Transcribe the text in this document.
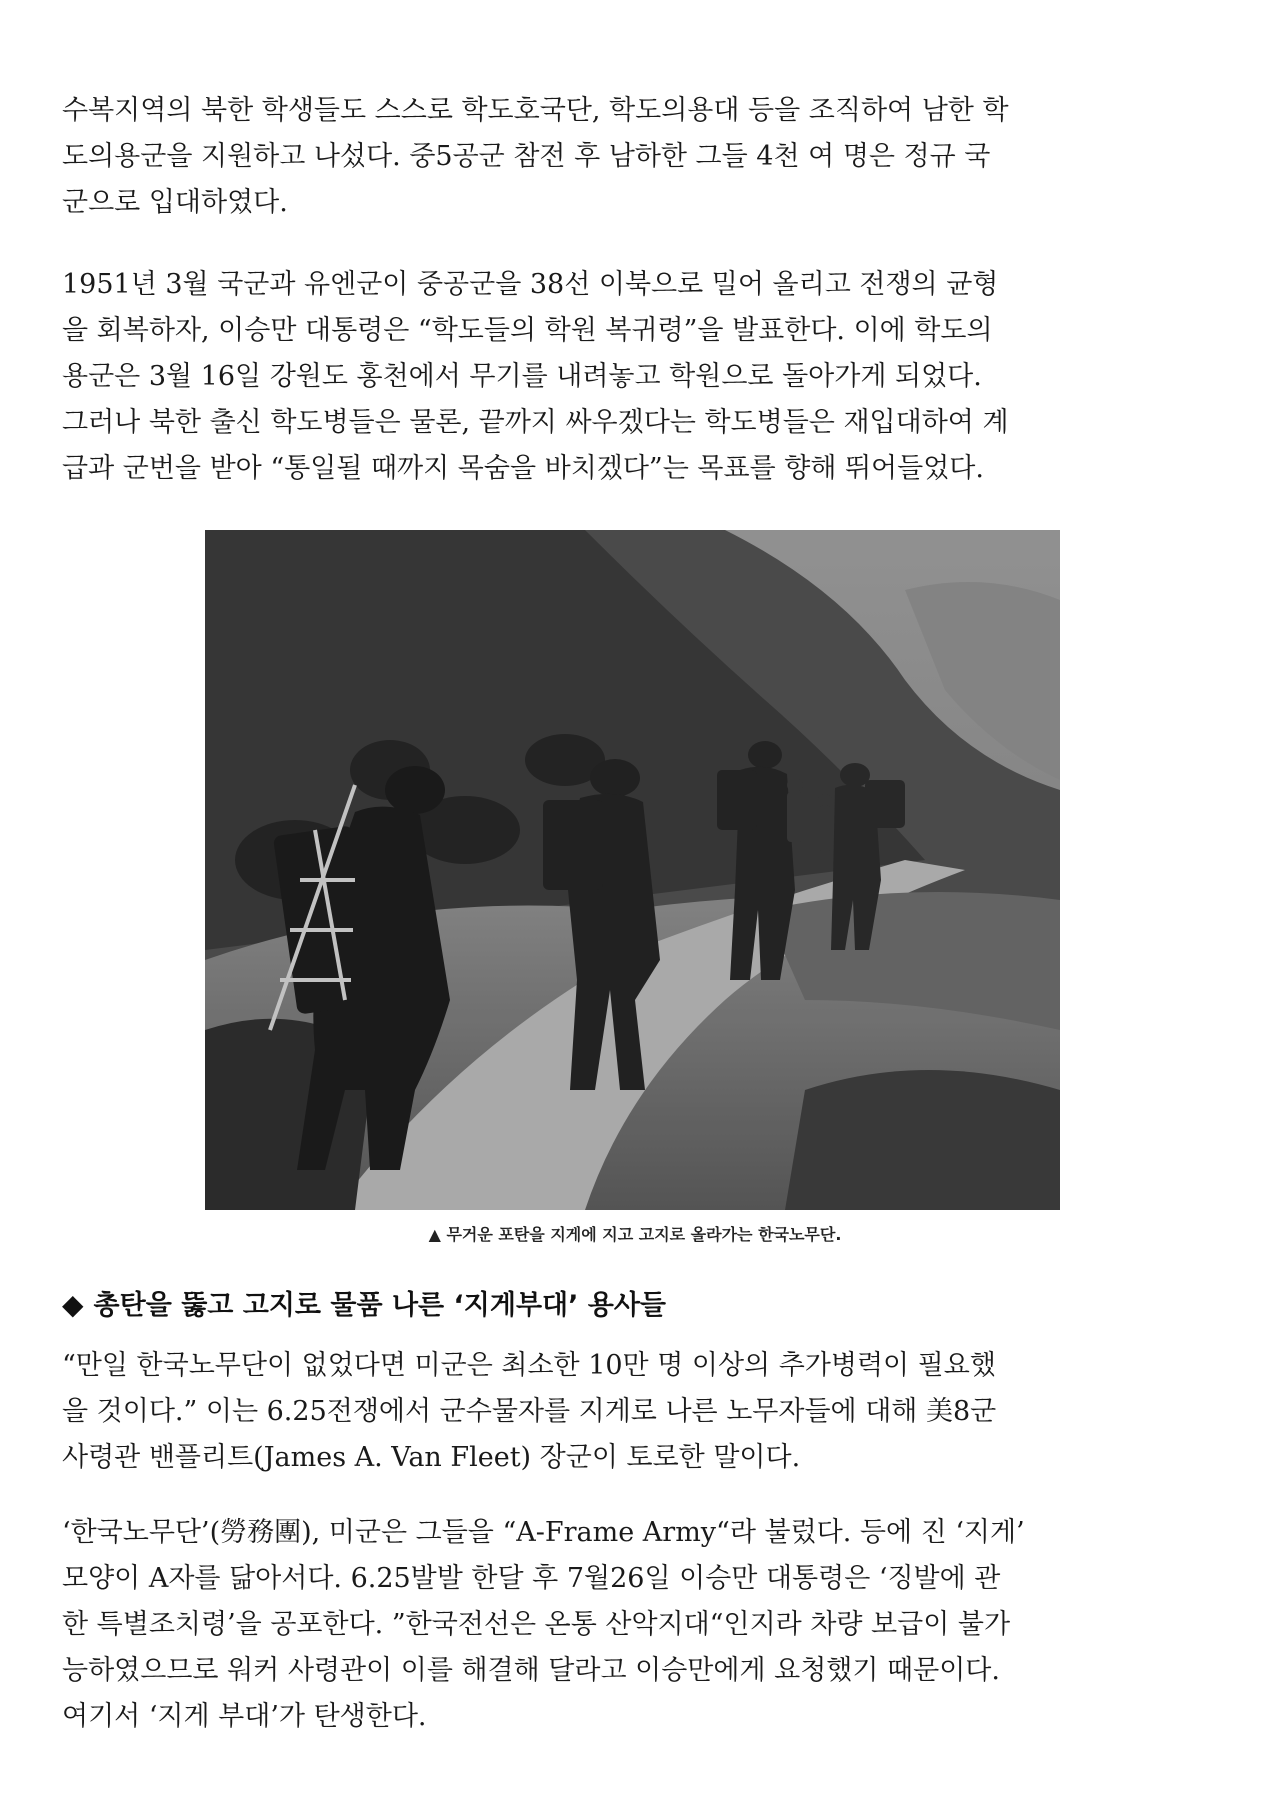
수복지역의 북한 학생들도 스스로 학도호국단, 학도의용대 등을 조직하여 남한 학
도의용군을 지원하고 나섰다. 중5공군 참전 후 남하한 그들 4천 여 명은 정규 국
군으로 입대하였다.

1951년 3월 국군과 유엔군이 중공군을 38선 이북으로 밀어 올리고 전쟁의 균형
을 회복하자, 이승만 대통령은 “학도들의 학원 복귀령”을 발표한다. 이에 학도의
용군은 3월 16일 강원도 홍천에서 무기를 내려놓고 학원으로 돌아가게 되었다.
그러나 북한 출신 학도병들은 물론, 끝까지 싸우겠다는 학도병들은 재입대하여 계
급과 군번을 받아 “통일될 때까지 목숨을 바치겠다”는 목표를 향해 뛰어들었다.

▲ 무거운 포탄을 지게에 지고 고지로 올라가는 한국노무단.
◆ 총탄을 뚫고 고지로 물품 나른 ‘지게부대’ 용사들

“만일 한국노무단이 없었다면 미군은 최소한 10만 명 이상의 추가병력이 필요했
을 것이다.” 이는 6.25전쟁에서 군수물자를 지게로 나른 노무자들에 대해 美8군
사령관 밴플리트(James A. Van Fleet) 장군이 토로한 말이다.

‘한국노무단’(勞務團), 미군은 그들을 “A-Frame Army“라 불렀다. 등에 진 ‘지게’
모양이 A자를 닮아서다. 6.25발발 한달 후 7월26일 이승만 대통령은 ‘징발에 관
한 특별조치령’을 공포한다. ”한국전선은 온통 산악지대“인지라 차량 보급이 불가
능하였으므로 워커 사령관이 이를 해결해 달라고 이승만에게 요청했기 때문이다.
여기서 ‘지게 부대’가 탄생한다.
